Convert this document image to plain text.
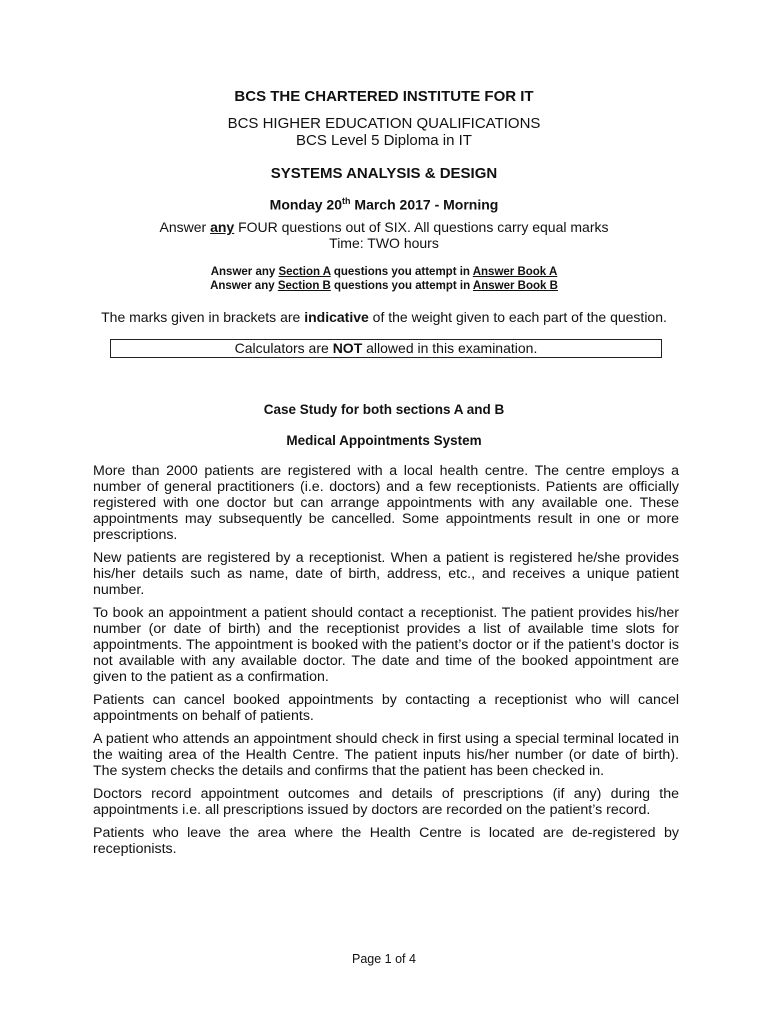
BCS THE CHARTERED INSTITUTE FOR IT
BCS HIGHER EDUCATION QUALIFICATIONS
BCS Level 5 Diploma in IT
SYSTEMS ANALYSIS & DESIGN
Monday 20th March 2017 - Morning
Answer any FOUR questions out of SIX. All questions carry equal marks
Time: TWO hours
Answer any Section A questions you attempt in Answer Book A
Answer any Section B questions you attempt in Answer Book B
The marks given in brackets are indicative of the weight given to each part of the question.
Calculators are NOT allowed in this examination.
Case Study for both sections A and B
Medical Appointments System

More than 2000 patients are registered with a local health centre. The centre employs a number of general practitioners (i.e. doctors) and a few receptionists. Patients are officially registered with one doctor but can arrange appointments with any available one. These appointments may subsequently be cancelled. Some appointments result in one or more prescriptions.

New patients are registered by a receptionist. When a patient is registered he/she provides his/her details such as name, date of birth, address, etc., and receives a unique patient number.

To book an appointment a patient should contact a receptionist. The patient provides his/her number (or date of birth) and the receptionist provides a list of available time slots for appointments. The appointment is booked with the patient’s doctor or if the patient’s doctor is not available with any available doctor. The date and time of the booked appointment are given to the patient as a confirmation.

Patients can cancel booked appointments by contacting a receptionist who will cancel appointments on behalf of patients.

A patient who attends an appointment should check in first using a special terminal located in the waiting area of the Health Centre. The patient inputs his/her number (or date of birth). The system checks the details and confirms that the patient has been checked in.

Doctors record appointment outcomes and details of prescriptions (if any) during the appointments i.e. all prescriptions issued by doctors are recorded on the patient’s record.

Patients who leave the area where the Health Centre is located are de-registered by receptionists.

Page 1 of 4
